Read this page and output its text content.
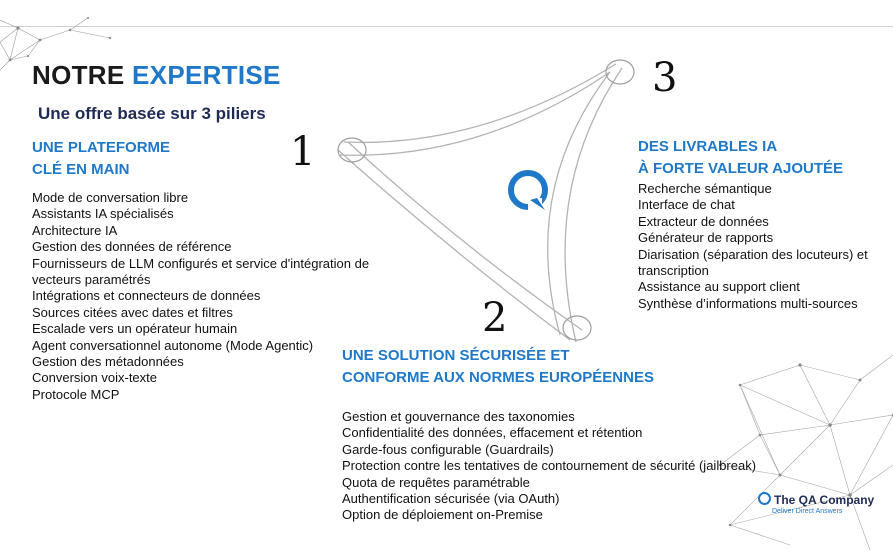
NOTRE EXPERTISE
Une offre basée sur 3 piliers
1
UNE PLATEFORME
CLÉ EN MAIN
Mode de conversation libre
Assistants IA spécialisés
Architecture IA
Gestion des données de référence
Fournisseurs de LLM configurés et service d'intégration de
vecteurs paramétrés
Intégrations et connecteurs de données
Sources citées avec dates et filtres
Escalade vers un opérateur humain
Agent conversationnel autonome (Mode Agentic)
Gestion des métadonnées
Conversion voix-texte
Protocole MCP
3
DES LIVRABLES IA
À FORTE VALEUR AJOUTÉE
Recherche sémantique
Interface de chat
Extracteur de données
Générateur de rapports
Diarisation (séparation des locuteurs) et
transcription
Assistance au support client
Synthèse d’informations multi-sources
2
UNE SOLUTION SÉCURISÉE ET
CONFORME AUX NORMES EUROPÉENNES
Gestion et gouvernance des taxonomies
Confidentialité des données, effacement et rétention
Garde-fous configurable (Guardrails)
Protection contre les tentatives de contournement de sécurité (jailbreak)
Quota de requêtes paramétrable
Authentification sécurisée (via OAuth)
Option de déploiement on-Premise
The QA Company
Deliver Direct Answers
